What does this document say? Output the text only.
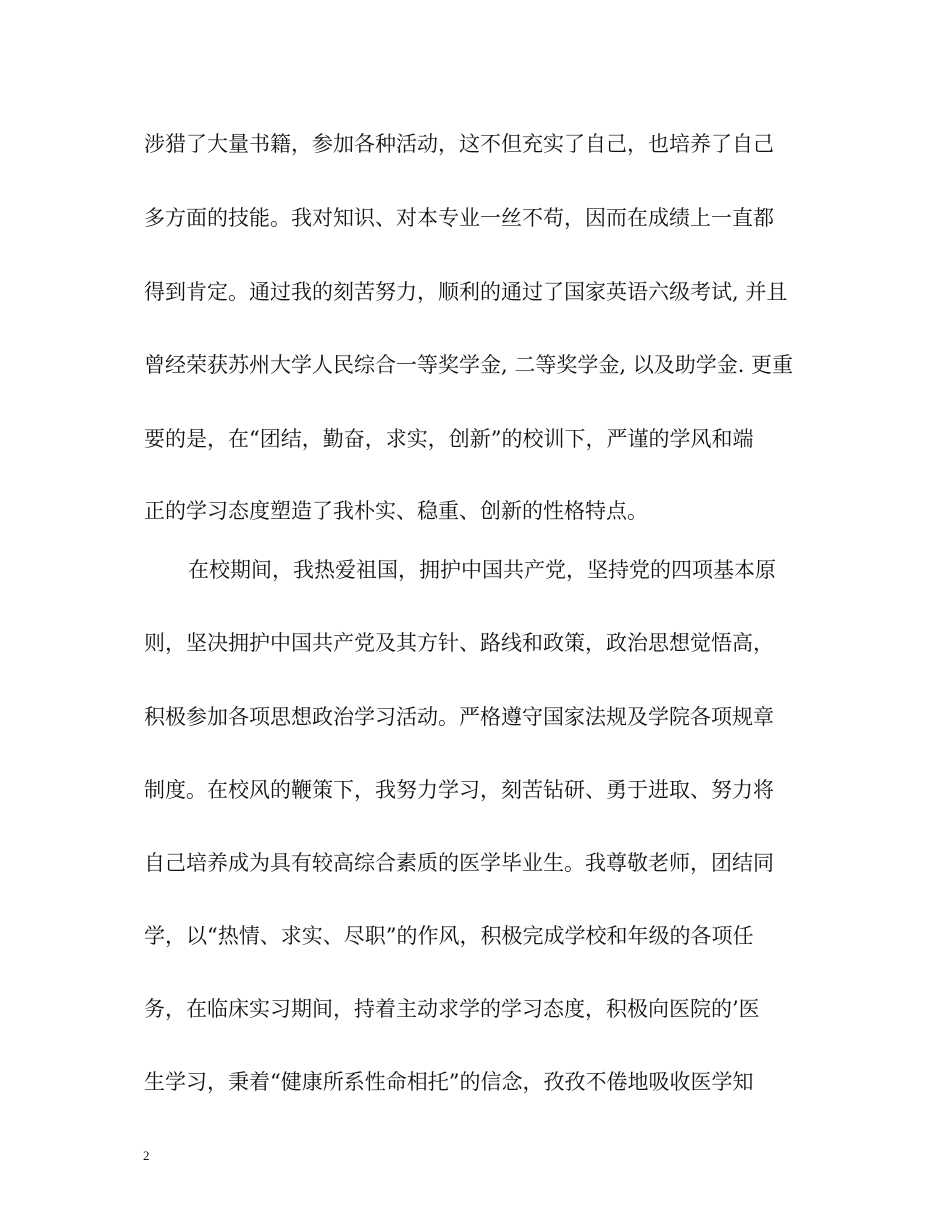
涉猎了大量书籍，参加各种活动，这不但充实了自己，也培养了自己
多方面的技能。我对知识、对本专业一丝不苟，因而在成绩上一直都
得到肯定。通过我的刻苦努力，顺利的通过了国家英语六级考试, 并且
曾经荣获苏州大学人民综合一等奖学金, 二等奖学金, 以及助学金. 更重
要的是，在“团结，勤奋，求实，创新”的校训下，严谨的学风和端
正的学习态度塑造了我朴实、稳重、创新的性格特点。
在校期间，我热爱祖国，拥护中国共产党，坚持党的四项基本原
则，坚决拥护中国共产党及其方针、路线和政策，政治思想觉悟高，
积极参加各项思想政治学习活动。严格遵守国家法规及学院各项规章
制度。在校风的鞭策下，我努力学习，刻苦钻研、勇于进取、努力将
自己培养成为具有较高综合素质的医学毕业生。我尊敬老师，团结同
学，以“热情、求实、尽职”的作风，积极完成学校和年级的各项任
务，在临床实习期间，持着主动求学的学习态度，积极向医院的’医
生学习，秉着“健康所系性命相托”的信念，孜孜不倦地吸收医学知
2
